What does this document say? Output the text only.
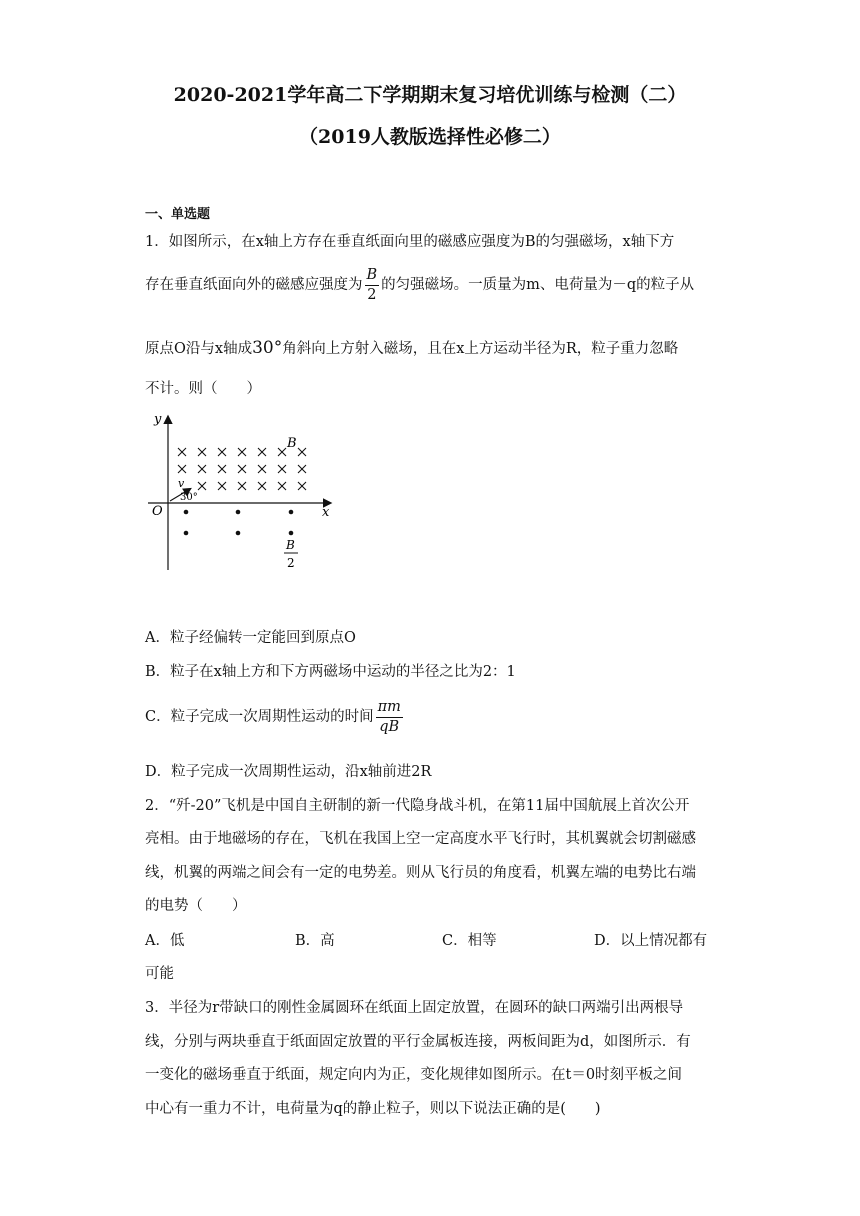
2020-2021学年高二下学期期末复习培优训练与检测（二）
（2019人教版选择性必修二）
一、单选题
1．如图所示，在x轴上方存在垂直纸面向里的磁感应强度为B的匀强磁场，x轴下方
存在垂直纸面向外的磁感应强度为 $\frac{B}{2}$ 的匀强磁场。一质量为m、电荷量为－q的粒子从
原点O沿与x轴成30°角斜向上方射入磁场，且在x上方运动半径为R，粒子重力忽略
不计。则（　　）
y
x
O
B
v
30°
B
2
A．粒子经偏转一定能回到原点O
B．粒子在x轴上方和下方两磁场中运动的半径之比为2：1
C．粒子完成一次周期性运动的时间 $\frac{\pi m}{qB}$
D．粒子完成一次周期性运动，沿x轴前进2R
2．“歼-20”飞机是中国自主研制的新一代隐身战斗机，在第11届中国航展上首次公开
亮相。由于地磁场的存在，飞机在我国上空一定高度水平飞行时，其机翼就会切割磁感
线，机翼的两端之间会有一定的电势差。则从飞行员的角度看，机翼左端的电势比右端
的电势（　　）
A．低	B．高	C．相等	D．以上情况都有
可能
3．半径为r带缺口的刚性金属圆环在纸面上固定放置，在圆环的缺口两端引出两根导
线，分别与两块垂直于纸面固定放置的平行金属板连接，两板间距为d，如图所示．有
一变化的磁场垂直于纸面，规定向内为正，变化规律如图所示。在t＝0时刻平板之间
中心有一重力不计，电荷量为q的静止粒子，则以下说法正确的是(　　)
